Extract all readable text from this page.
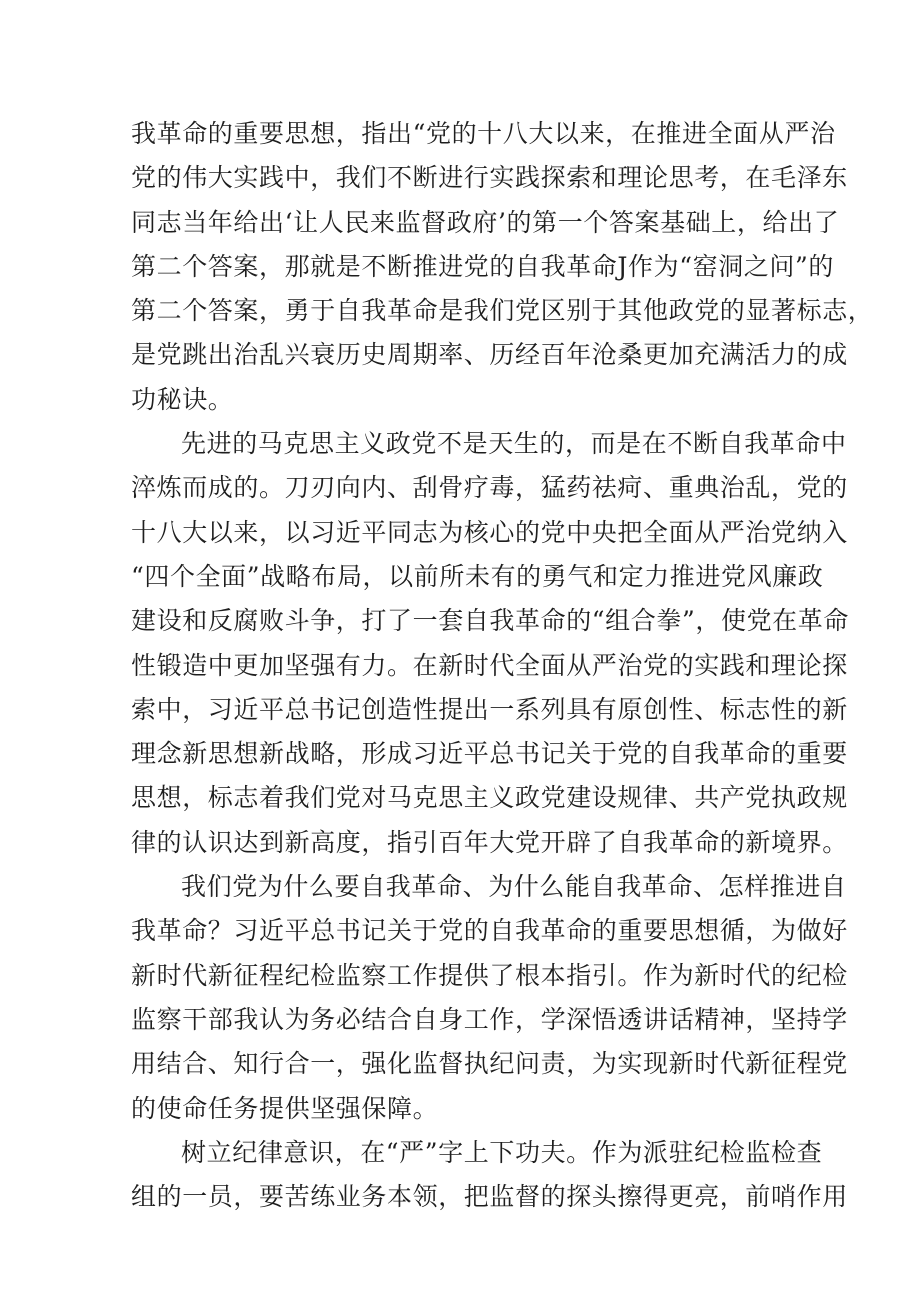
我革命的重要思想，指出“党的十八大以来，在推进全面从严治
党的伟大实践中，我们不断进行实践探索和理论思考，在毛泽东
同志当年给出‘让人民来监督政府’的第一个答案基础上，给出了
第二个答案，那就是不断推进党的自我革命J作为“窑洞之问”的
第二个答案，勇于自我革命是我们党区别于其他政党的显著标志，
是党跳出治乱兴衰历史周期率、历经百年沧桑更加充满活力的成
功秘诀。
先进的马克思主义政党不是天生的，而是在不断自我革命中
淬炼而成的。刀刃向内、刮骨疗毒，猛药祛疴、重典治乱，党的
十八大以来，以习近平同志为核心的党中央把全面从严治党纳入
“四个全面”战略布局，以前所未有的勇气和定力推进党风廉政
建设和反腐败斗争，打了一套自我革命的“组合拳”，使党在革命
性锻造中更加坚强有力。在新时代全面从严治党的实践和理论探
索中，习近平总书记创造性提出一系列具有原创性、标志性的新
理念新思想新战略，形成习近平总书记关于党的自我革命的重要
思想，标志着我们党对马克思主义政党建设规律、共产党执政规
律的认识达到新高度，指引百年大党开辟了自我革命的新境界。
我们党为什么要自我革命、为什么能自我革命、怎样推进自
我革命？习近平总书记关于党的自我革命的重要思想循，为做好
新时代新征程纪检监察工作提供了根本指引。作为新时代的纪检
监察干部我认为务必结合自身工作，学深悟透讲话精神，坚持学
用结合、知行合一，强化监督执纪问责，为实现新时代新征程党
的使命任务提供坚强保障。
树立纪律意识，在“严”字上下功夫。作为派驻纪检监检查
组的一员，要苦练业务本领，把监督的探头擦得更亮，前哨作用
